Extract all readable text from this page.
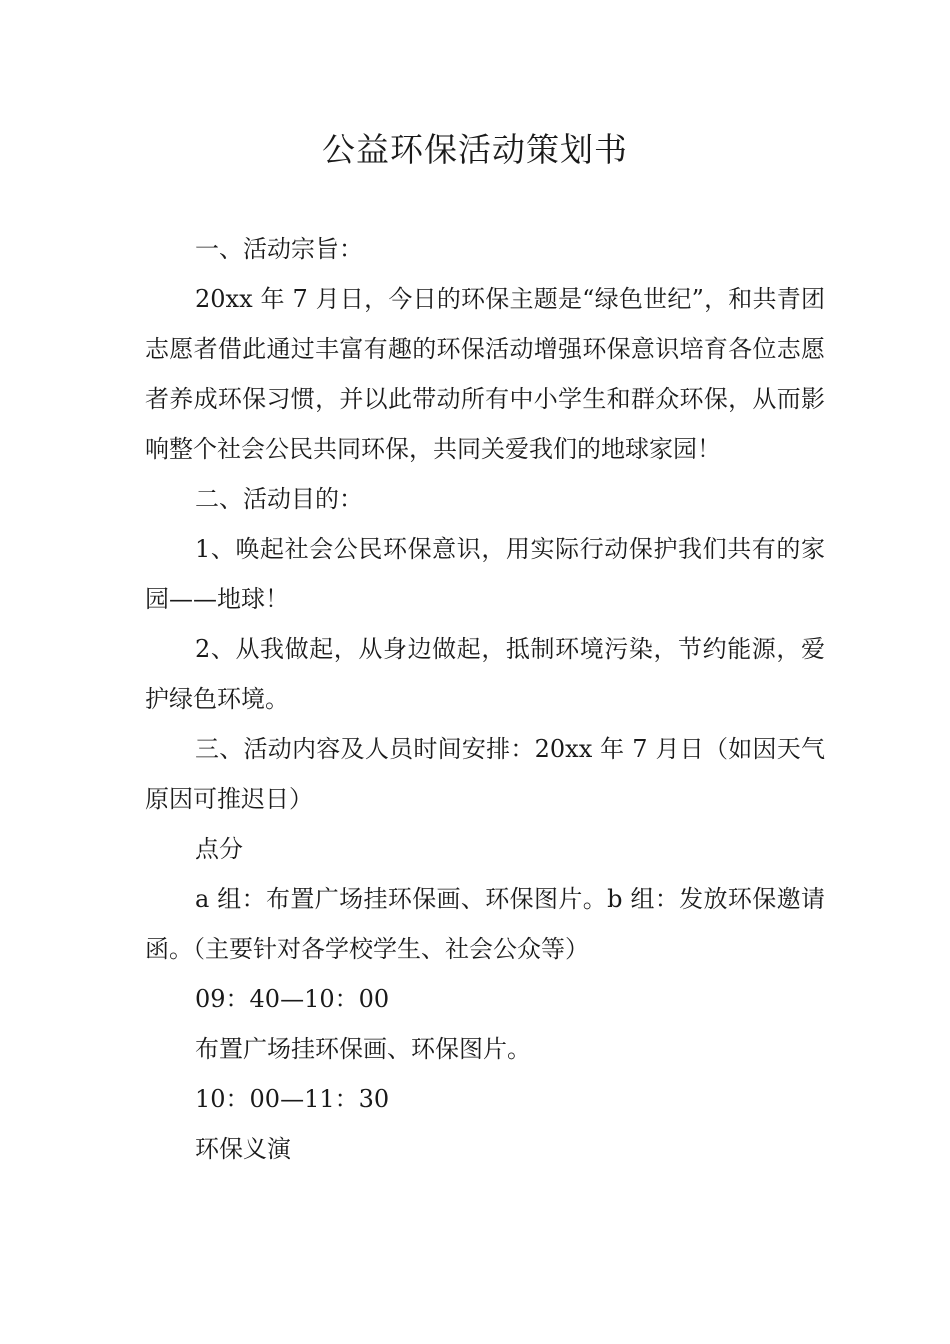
公益环保活动策划书

一、活动宗旨：

20xx 年 7 月日，今日的环保主题是“绿色世纪”，和共青团志愿者借此通过丰富有趣的环保活动增强环保意识培育各位志愿者养成环保习惯，并以此带动所有中小学生和群众环保，从而影响整个社会公民共同环保，共同关爱我们的地球家园！

二、活动目的：

1、唤起社会公民环保意识，用实际行动保护我们共有的家园——地球！

2、从我做起，从身边做起，抵制环境污染，节约能源，爱护绿色环境。

三、活动内容及人员时间安排：20xx 年 7 月日（如因天气原因可推迟日）

点分

a 组：布置广场挂环保画、环保图片。b 组：发放环保邀请函。（主要针对各学校学生、社会公众等）

09：40—10：00

布置广场挂环保画、环保图片。

10：00—11：30

环保义演
